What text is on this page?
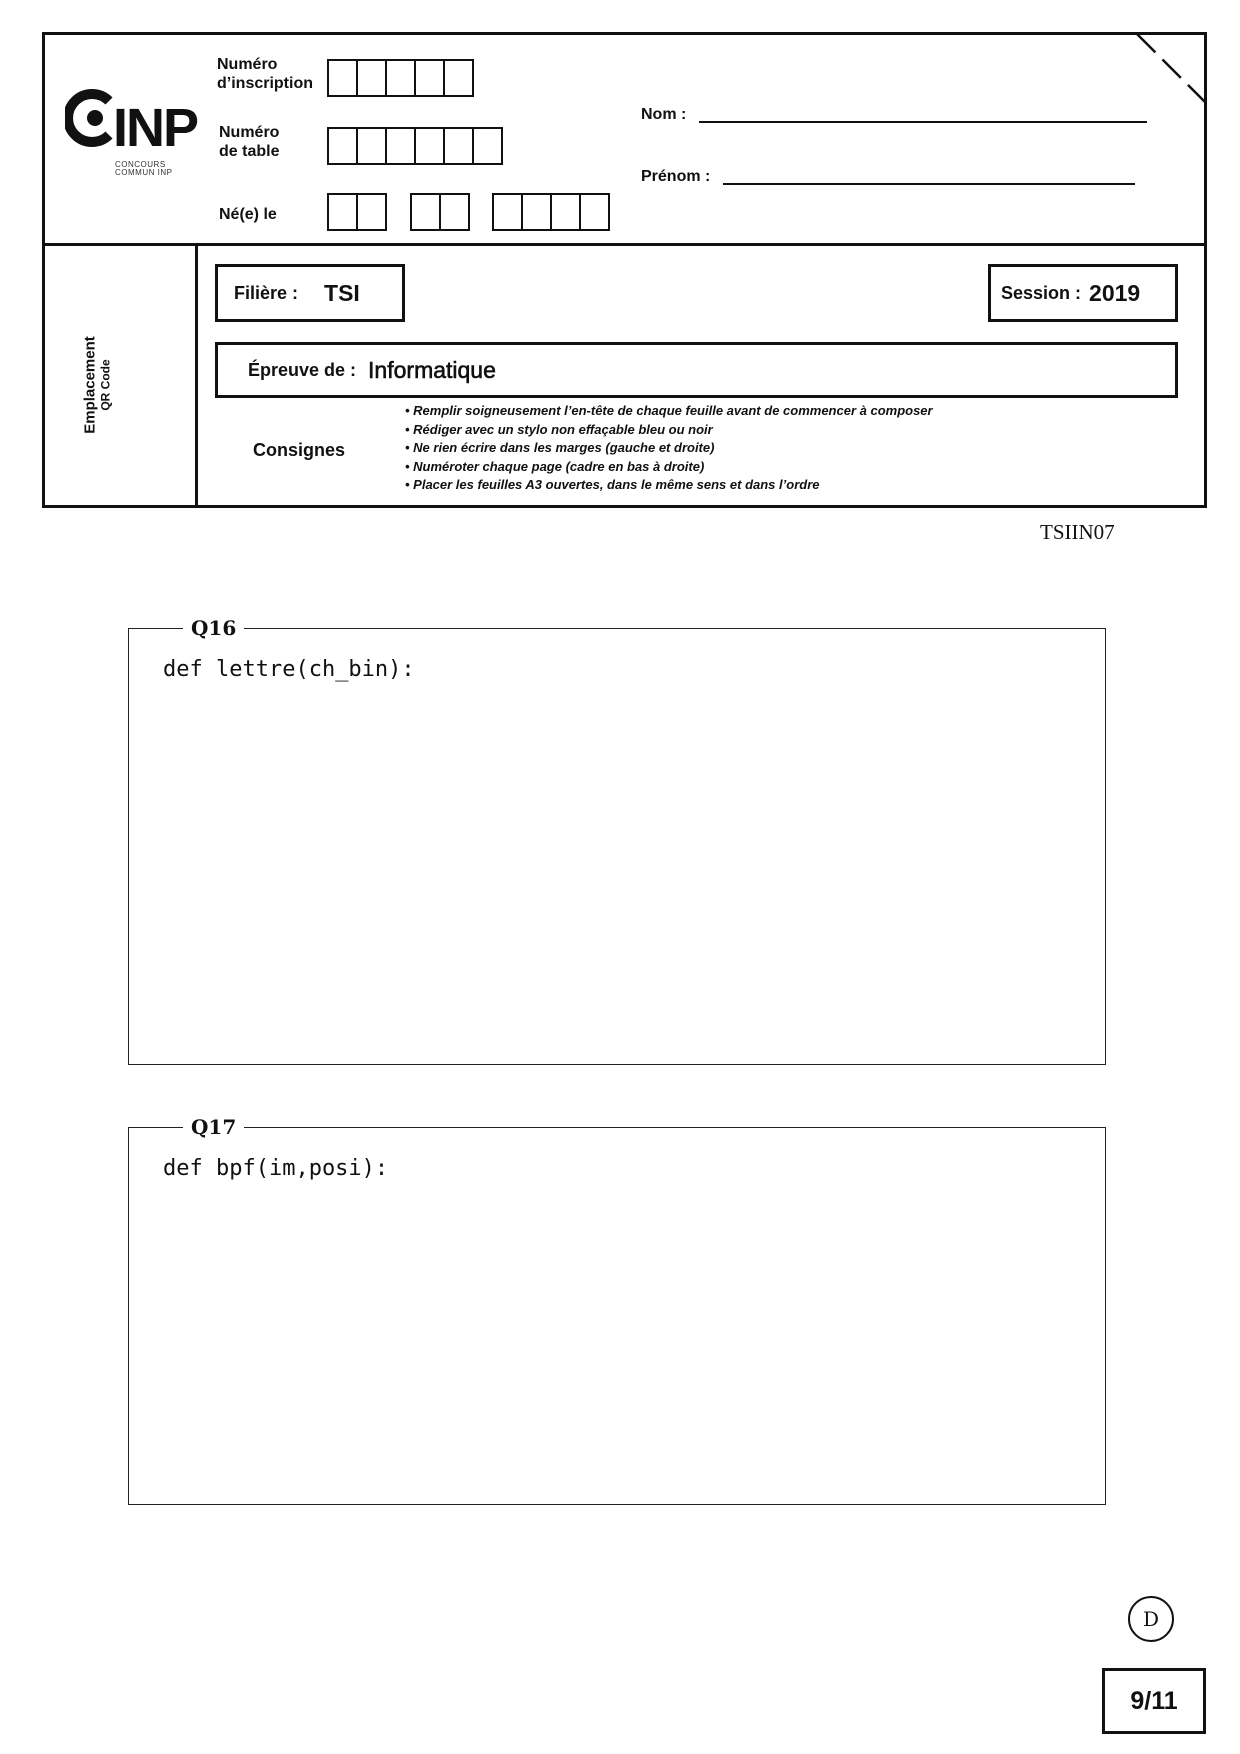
INP
CONCOURS COMMUN INP
Numéro
d’inscription
Numéro
de table
Né(e) le
Nom :
Prénom :
Emplacement QR Code
Filière : TSI	Session : 2019
Épreuve de : Informatique
Consignes
• Remplir soigneusement l’en-tête de chaque feuille avant de commencer à composer
• Rédiger avec un stylo non effaçable bleu ou noir
• Ne rien écrire dans les marges (gauche et droite)
• Numéroter chaque page (cadre en bas à droite)
• Placer les feuilles A3 ouvertes, dans le même sens et dans l’ordre
TSIIN07
Q16
def lettre(ch_bin):
Q17
def bpf(im,posi):
D
9/11
